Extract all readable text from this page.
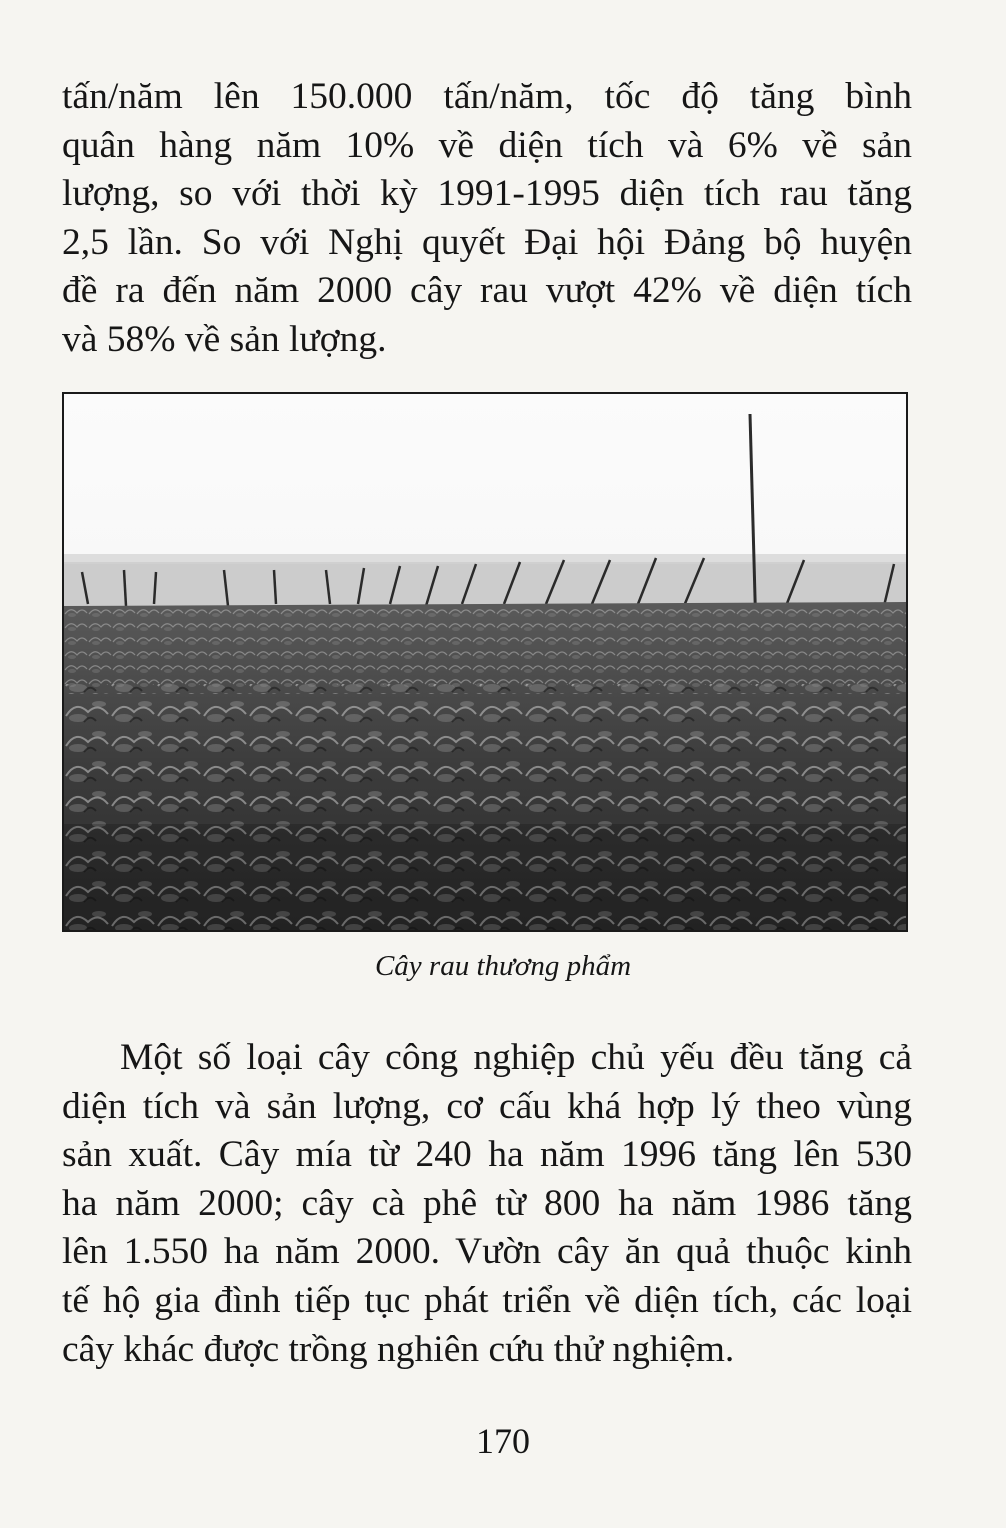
tấn/năm lên 150.000 tấn/năm, tốc độ tăng bình
quân hàng năm 10% về diện tích và 6% về sản
lượng, so với thời kỳ 1991-1995 diện tích rau tăng
2,5 lần. So với Nghị quyết Đại hội Đảng bộ huyện
đề ra đến năm 2000 cây rau vượt 42% về diện tích
và 58% về sản lượng.
Cây rau thương phẩm
Một số loại cây công nghiệp chủ yếu đều tăng cả
diện tích và sản lượng, cơ cấu khá hợp lý theo vùng
sản xuất. Cây mía từ 240 ha năm 1996 tăng lên 530
ha năm 2000; cây cà phê từ 800 ha năm 1986 tăng
lên 1.550 ha năm 2000. Vườn cây ăn quả thuộc kinh
tế hộ gia đình tiếp tục phát triển về diện tích, các loại
cây khác được trồng nghiên cứu thử nghiệm.
170
